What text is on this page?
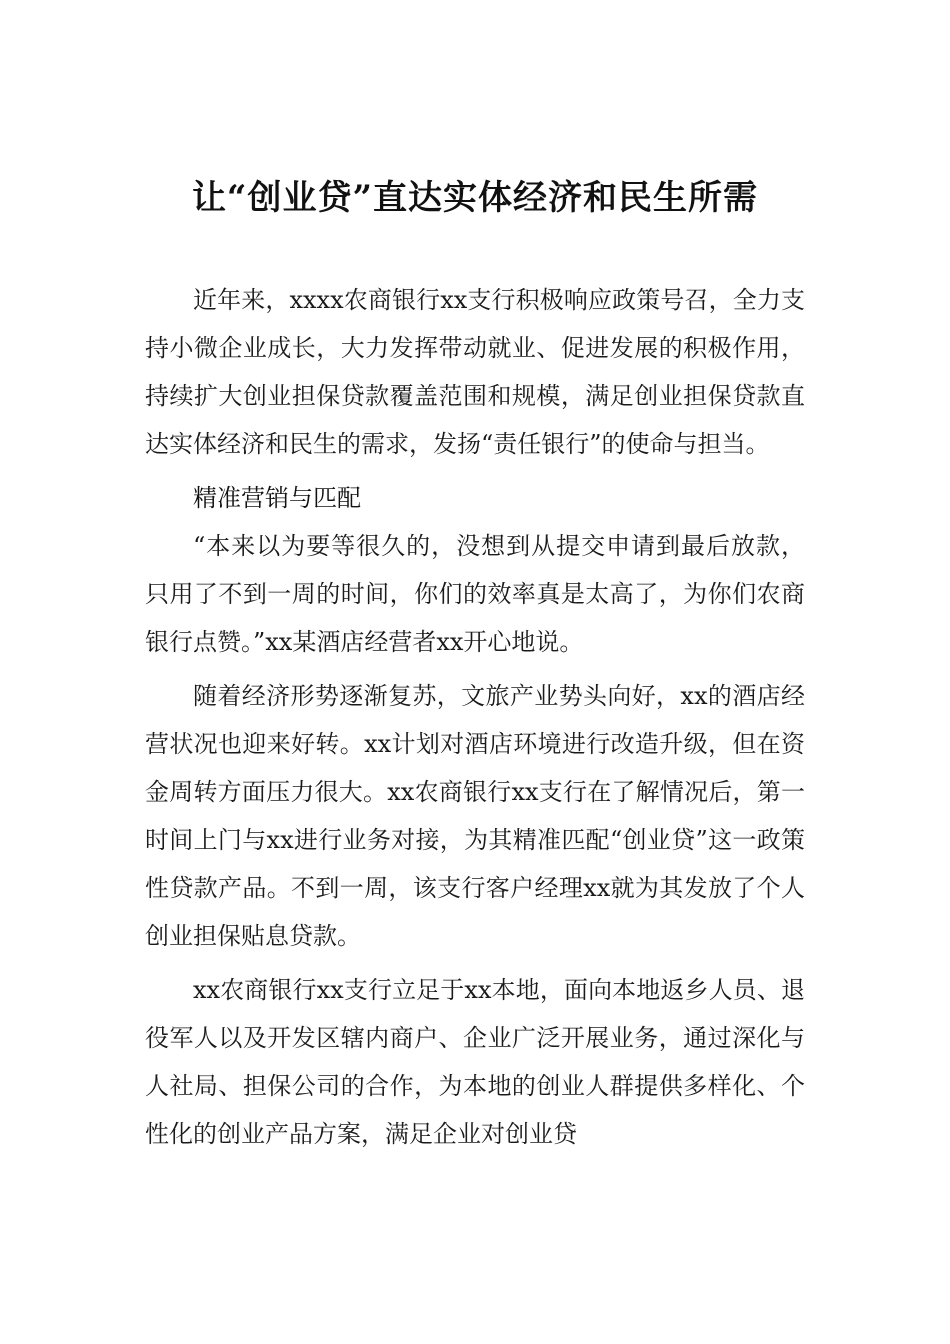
让“创业贷”直达实体经济和民生所需

近年来，xxxx农商银行xx支行积极响应政策号召，全力支持小微企业成长，大力发挥带动就业、促进发展的积极作用，持续扩大创业担保贷款覆盖范围和规模，满足创业担保贷款直达实体经济和民生的需求，发扬“责任银行”的使命与担当。

精准营销与匹配

“本来以为要等很久的，没想到从提交申请到最后放款，只用了不到一周的时间，你们的效率真是太高了，为你们农商银行点赞。”xx某酒店经营者xx开心地说。

随着经济形势逐渐复苏，文旅产业势头向好，xx的酒店经营状况也迎来好转。xx计划对酒店环境进行改造升级，但在资金周转方面压力很大。xx农商银行xx支行在了解情况后，第一时间上门与xx进行业务对接，为其精准匹配“创业贷”这一政策性贷款产品。不到一周，该支行客户经理xx就为其发放了个人创业担保贴息贷款。

xx农商银行xx支行立足于xx本地，面向本地返乡人员、退役军人以及开发区辖内商户、企业广泛开展业务，通过深化与人社局、担保公司的合作，为本地的创业人群提供多样化、个性化的创业产品方案，满足企业对创业贷
